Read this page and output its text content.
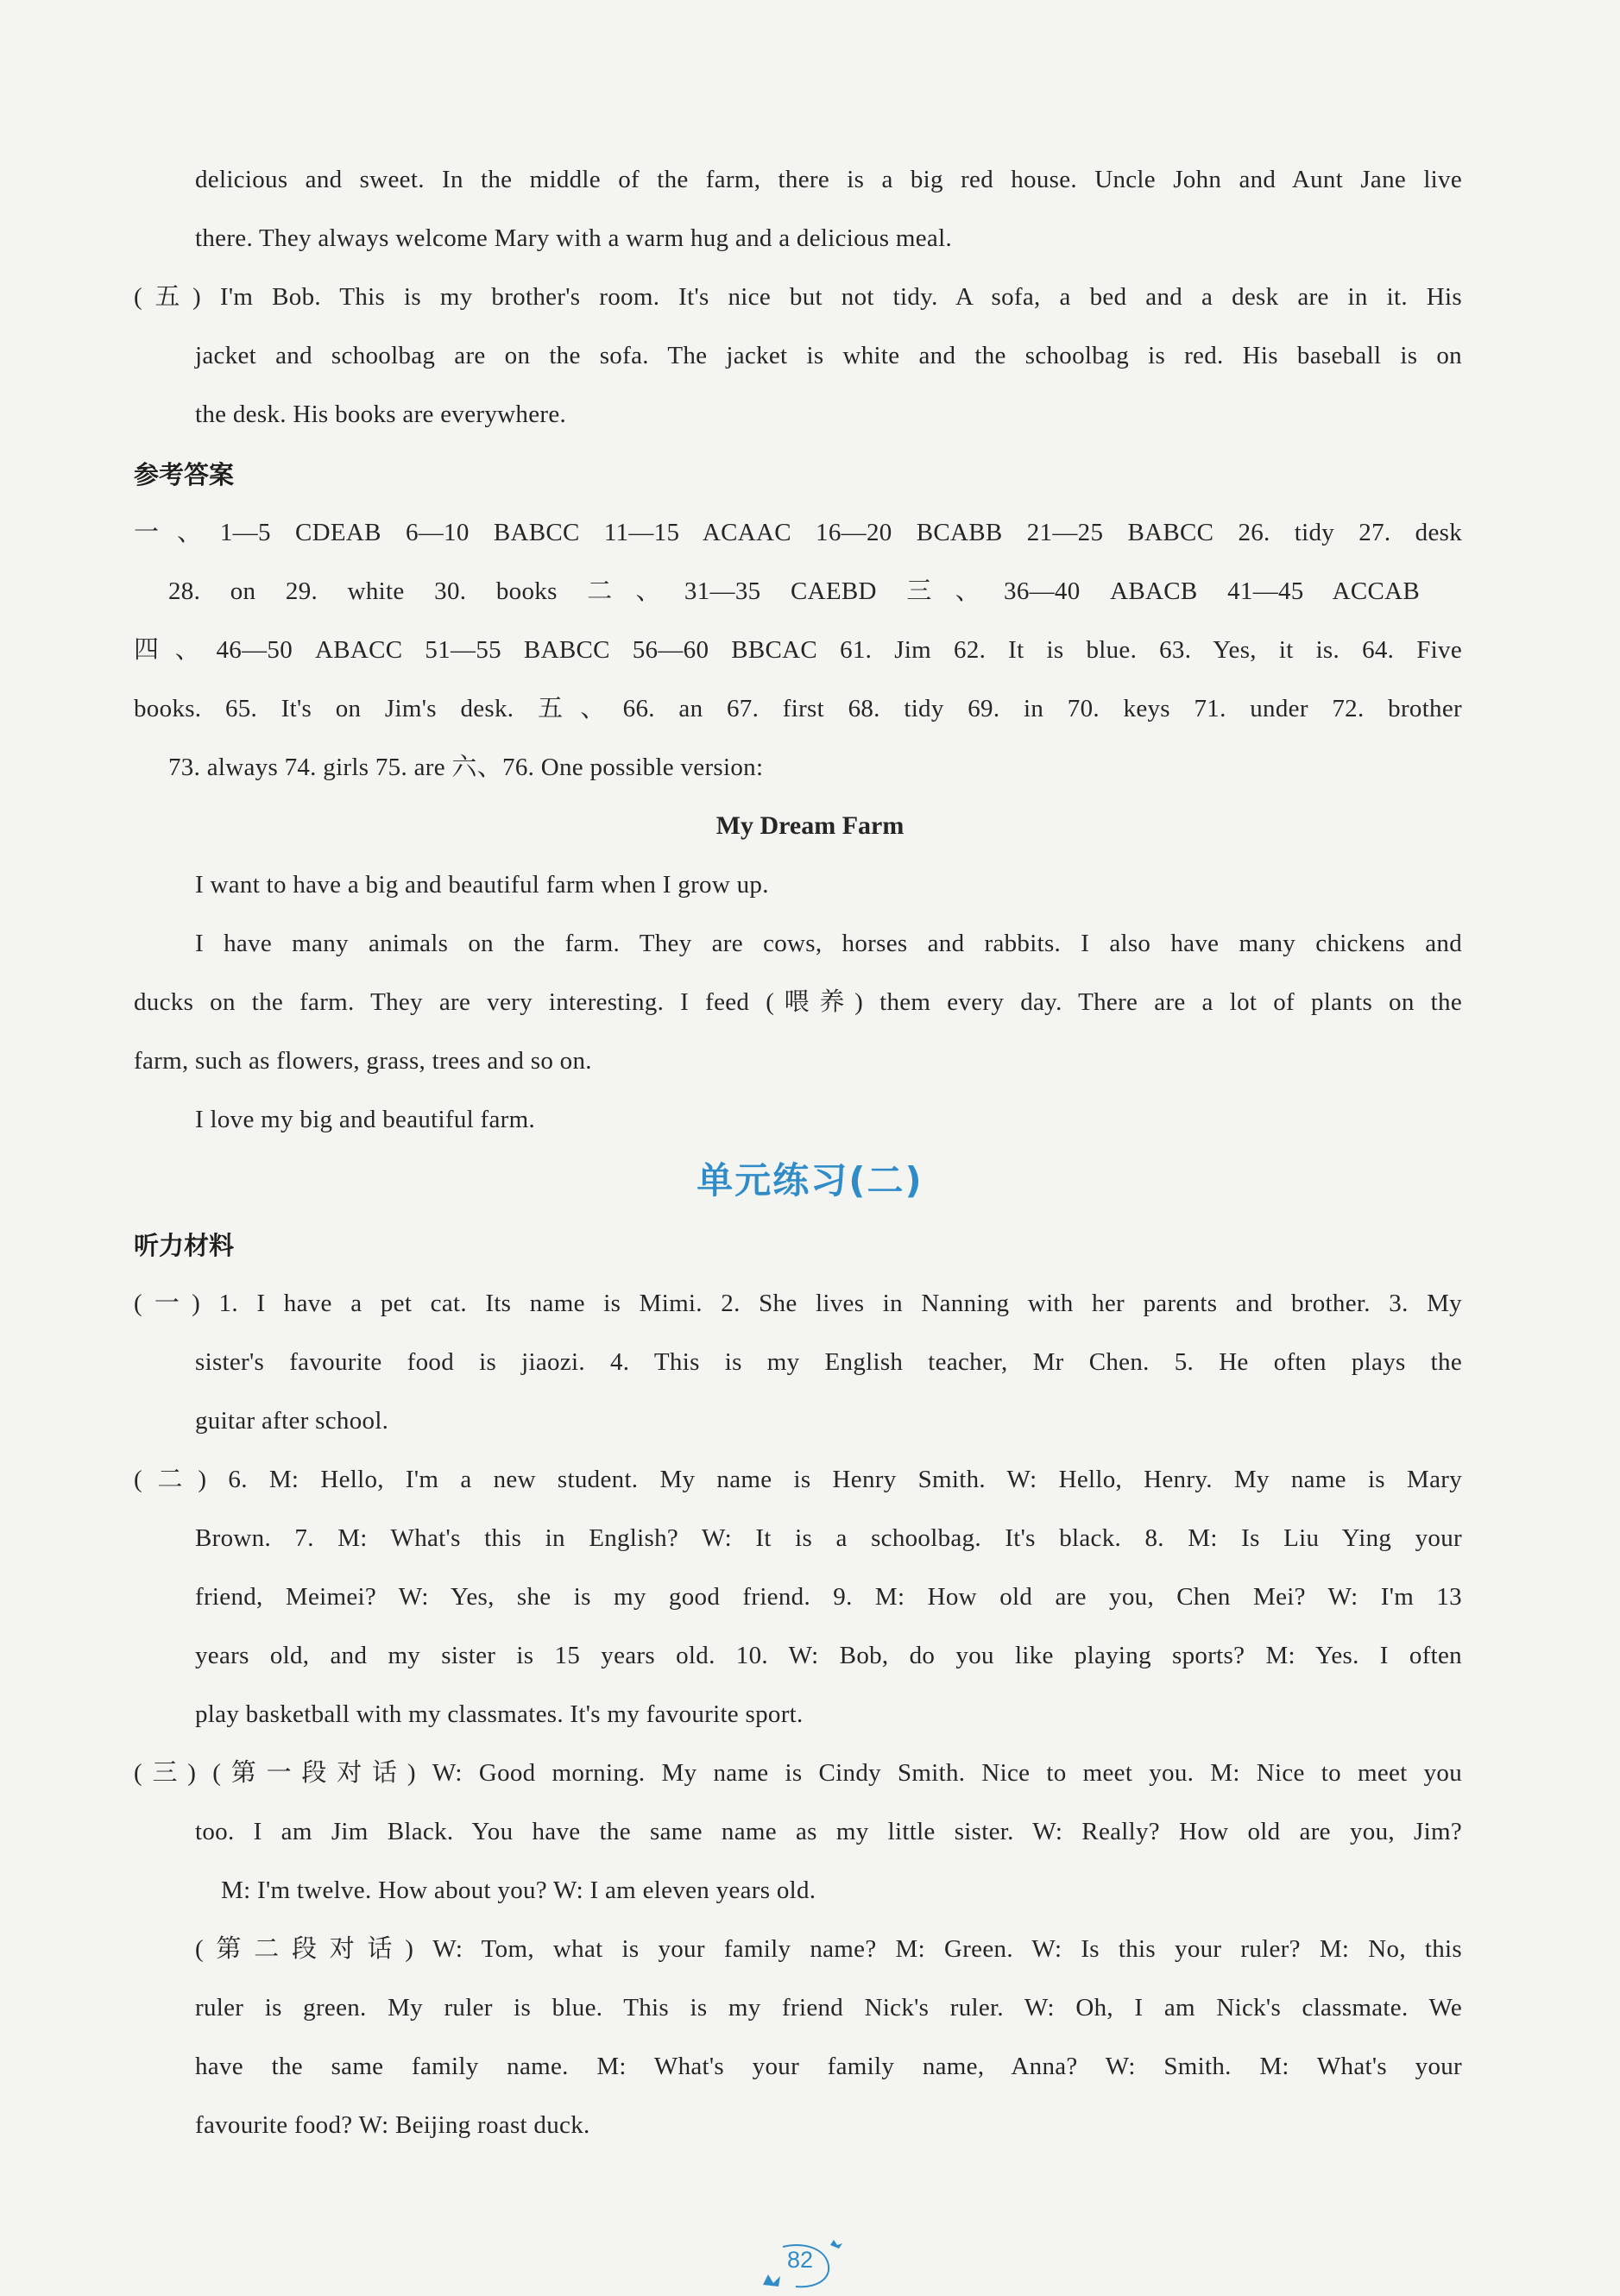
delicious and sweet. In the middle of the farm, there is a big red house. Uncle John and Aunt Jane live
there. They always welcome Mary with a warm hug and a delicious meal.
(五) I'm Bob. This is my brother's room. It's nice but not tidy. A sofa, a bed and a desk are in it. His
jacket and schoolbag are on the sofa. The jacket is white and the schoolbag is red. His baseball is on
the desk. His books are everywhere.
参考答案
一、1—5 CDEAB 6—10 BABCC 11—15 ACAAC 16—20 BCABB 21—25 BABCC 26. tidy 27. desk
28. on 29. white 30. books 二、31—35 CAEBD 三、36—40 ABACB 41—45 ACCAB
四、46—50 ABACC 51—55 BABCC 56—60 BBCAC 61. Jim 62. It is blue. 63. Yes, it is. 64. Five
books. 65. It's on Jim's desk. 五、66. an 67. first 68. tidy 69. in 70. keys 71. under 72. brother
73. always 74. girls 75. are 六、76. One possible version:
My Dream Farm
I want to have a big and beautiful farm when I grow up.
I have many animals on the farm. They are cows, horses and rabbits. I also have many chickens and
ducks on the farm. They are very interesting. I feed (喂养) them every day. There are a lot of plants on the
farm, such as flowers, grass, trees and so on.
I love my big and beautiful farm.
单元练习(二)
听力材料
(一) 1. I have a pet cat. Its name is Mimi. 2. She lives in Nanning with her parents and brother. 3. My
sister's favourite food is jiaozi. 4. This is my English teacher, Mr Chen. 5. He often plays the
guitar after school.
(二) 6. M: Hello, I'm a new student. My name is Henry Smith. W: Hello, Henry. My name is Mary
Brown. 7. M: What's this in English? W: It is a schoolbag. It's black. 8. M: Is Liu Ying your
friend, Meimei? W: Yes, she is my good friend. 9. M: How old are you, Chen Mei? W: I'm 13
years old, and my sister is 15 years old. 10. W: Bob, do you like playing sports? M: Yes. I often
play basketball with my classmates. It's my favourite sport.
(三) (第一段对话) W: Good morning. My name is Cindy Smith. Nice to meet you. M: Nice to meet you
too. I am Jim Black. You have the same name as my little sister. W: Really? How old are you, Jim?
M: I'm twelve. How about you? W: I am eleven years old.
(第二段对话) W: Tom, what is your family name? M: Green. W: Is this your ruler? M: No, this
ruler is green. My ruler is blue. This is my friend Nick's ruler. W: Oh, I am Nick's classmate. We
have the same family name. M: What's your family name, Anna? W: Smith. M: What's your
favourite food? W: Beijing roast duck.
82
